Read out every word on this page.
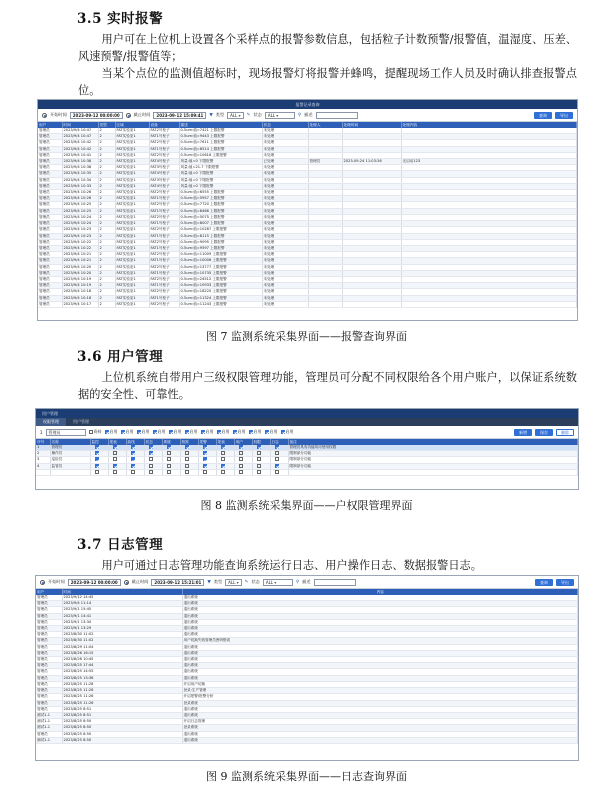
3.5 实时报警
用户可在上位机上设置各个采样点的报警参数信息，包括粒子计数预警/报警值，温湿度、压差、风速预警/报警值等；
当某个点位的监测值超标时，现场报警灯将报警并蜂鸣，提醒现场工作人员及时确认排查报警点位。
报警记录查询
开始时间	2023-09-12 00:00:00	截止时间	2023-09-12 15:09:41	▼ 类型	ALL ▾	✎ 状态	ALL ▾	⚲ 描述	查询	导出
用户	时间	类型	区域	设备	描述	状态	处理人	处理时间	处理内容
管理员	2023/9/4 10:47	2	FAT实验室1	FAT2号柜子	0.5um:值=7421 上限报警	未处理			
管理员	2023/9/4 10:47	2	FAT实验室1	FAT1号柜子	0.5um:值=9443 上限报警	未处理			
管理员	2023/9/4 10:42	2	FAT实验室1	FAT2号柜子	0.5um:值=7611 上限报警	未处理			
管理员	2023/9/4 10:42	2	FAT实验室1	FAT1号柜子	0.5um:值=8514 上限报警	未处理			
管理员	2023/9/4 10:41	2	FAT实验室1	FAT2号柜子	0.5um:值=10616 上限报警	未处理			
管理员	2023/9/4 10:38	2	FAT实验室1	FAT4号柜子	风量:值=0 下限报警	已处理	管理员	2023-09-24 11:03:26	无启动123
管理员	2023/9/4 10:36	2	FAT实验室1	FAT3号柜子	风量:值=21.7 下限报警	未处理			
管理员	2023/9/4 10:35	2	FAT实验室1	FAT4号柜子	风量:值=0 下限报警	未处理			
管理员	2023/9/4 10:34	2	FAT实验室1	FAT3号柜子	风量:值=0 下限报警	未处理			
管理员	2023/9/4 10:33	2	FAT实验室1	FAT4号柜子	风量:值=0 下限报警	未处理			
管理员	2023/9/4 10:26	2	FAT实验室1	FAT2号柜子	0.5um:值=6555 上限报警	未处理			
管理员	2023/9/4 10:26	2	FAT实验室1	FAT1号柜子	0.5um:值=5957 上限报警	未处理			
管理员	2023/9/4 10:25	2	FAT实验室1	FAT2号柜子	0.5um:值=7720 上限报警	未处理			
管理员	2023/9/4 10:25	2	FAT实验室1	FAT1号柜子	0.5um:值=8466 上限报警	未处理			
管理员	2023/9/4 10:24	2	FAT实验室1	FAT2号柜子	0.5um:值=5075 上限报警	未处理			
管理员	2023/9/4 10:24	2	FAT实验室1	FAT1号柜子	0.5um:值=8007 上限报警	未处理			
管理员	2023/9/4 10:23	2	FAT实验室1	FAT2号柜子	0.5um:值=10287 上限报警	未处理			
管理员	2023/9/4 10:23	2	FAT实验室1	FAT1号柜子	0.5um:值=8115 上限报警	未处理			
管理员	2023/9/4 10:22	2	FAT实验室1	FAT2号柜子	0.5um:值=9095 上限报警	未处理			
管理员	2023/9/4 10:22	2	FAT实验室1	FAT1号柜子	0.5um:值=9597 上限报警	未处理			
管理员	2023/9/4 10:21	2	FAT实验室1	FAT2号柜子	0.5um:值=11009 上限报警	未处理			
管理员	2023/9/4 10:21	2	FAT实验室1	FAT1号柜子	0.5um:值=10006 上限报警	未处理			
管理员	2023/9/4 10:20	2	FAT实验室1	FAT2号柜子	0.5um:值=13777 上限报警	未处理			
管理员	2023/9/4 10:20	2	FAT实验室1	FAT1号柜子	0.5um:值=10735 上限报警	未处理			
管理员	2023/9/4 10:19	2	FAT实验室1	FAT2号柜子	0.5um:值=24512 上限报警	未处理			
管理员	2023/9/4 10:19	2	FAT实验室1	FAT1号柜子	0.5um:值=10933 上限报警	未处理			
管理员	2023/9/4 10:18	2	FAT实验室1	FAT2号柜子	0.5um:值=18220 上限报警	未处理			
管理员	2023/9/4 10:18	2	FAT实验室1	FAT1号柜子	0.5um:值=11324 上限报警	未处理			
管理员	2023/9/4 10:17	2	FAT实验室1	FAT2号柜子	0.5um:值=11243 上限报警	未处理			
图 7 监测系统采集界面——报警查询界面
3.6 用户管理
上位机系统自带用户三级权限管理功能，管理员可分配不同权限给各个用户账户，以保证系统数据的安全性、可靠性。
用户管理
权限管理	用户管理
1	管理员	资料 启用 启用 启用 启用 启用 启用 启用 启用 启用 启用 启用 启用	新增	保存	删除
序号	名称	监控	报表	曲线	状态	系统	校准	报警	报表	用户	权限	日志	备注
1	管理员												管理员具有功能均可使用权限
2	操作员												限制部分功能
3	巡检员												限制部分功能
4	监管员												限制部分功能

图 8 监测系统采集界面——户权限管理界面
3.7 日志管理
用户可通过日志管理功能查询系统运行日志、用户操作日志、数据报警日志。
开始时间	2023-09-12 00:00:00	截止时间	2023-09-12 15:21:01	▼ 类型	ALL ▾	✎ 状态	ALL ▾	⚲ 描述	查询	导出
用户	时间	内容
管理员	2023/9/12 14:45	退出系统
管理员	2023/9/4 11:14	退出系统
管理员	2023/9/1 15:45	退出系统
管理员	2023/9/1 14:41	退出系统
管理员	2023/9/1 13:34	退出系统
管理员	2023/9/1 13:29	退出系统
管理员	2023/8/30 11:02	退出系统
管理员	2023/8/30 11:02	用户切换失败管理员密码错误
管理员	2023/8/29 11:04	退出系统
管理员	2023/8/26 16:15	退出系统
管理员	2023/8/26 10:45	退出系统
管理员	2023/8/25 17:44	退出系统
管理员	2023/8/25 14:55	退出系统
管理员	2023/8/25 13:36	退出系统
管理员	2023/8/25 11:28	开启用户切换
管理员	2023/8/25 11:26	登录:生产管理
管理员	2023/8/25 11:26	开启报警/报警分析
管理员	2023/8/25 11:26	登录系统
管理员	2023/8/25 8:51	退出系统
测试1-1	2023/8/25 8:51	退出系统
测试1-1	2023/8/25 8:50	开启日志管理
测试1-1	2023/8/25 8:50	登录系统
管理员	2023/8/25 8:50	退出系统
测试1-1	2023/8/25 8:50	退出系统
图 9 监测系统采集界面——日志查询界面
